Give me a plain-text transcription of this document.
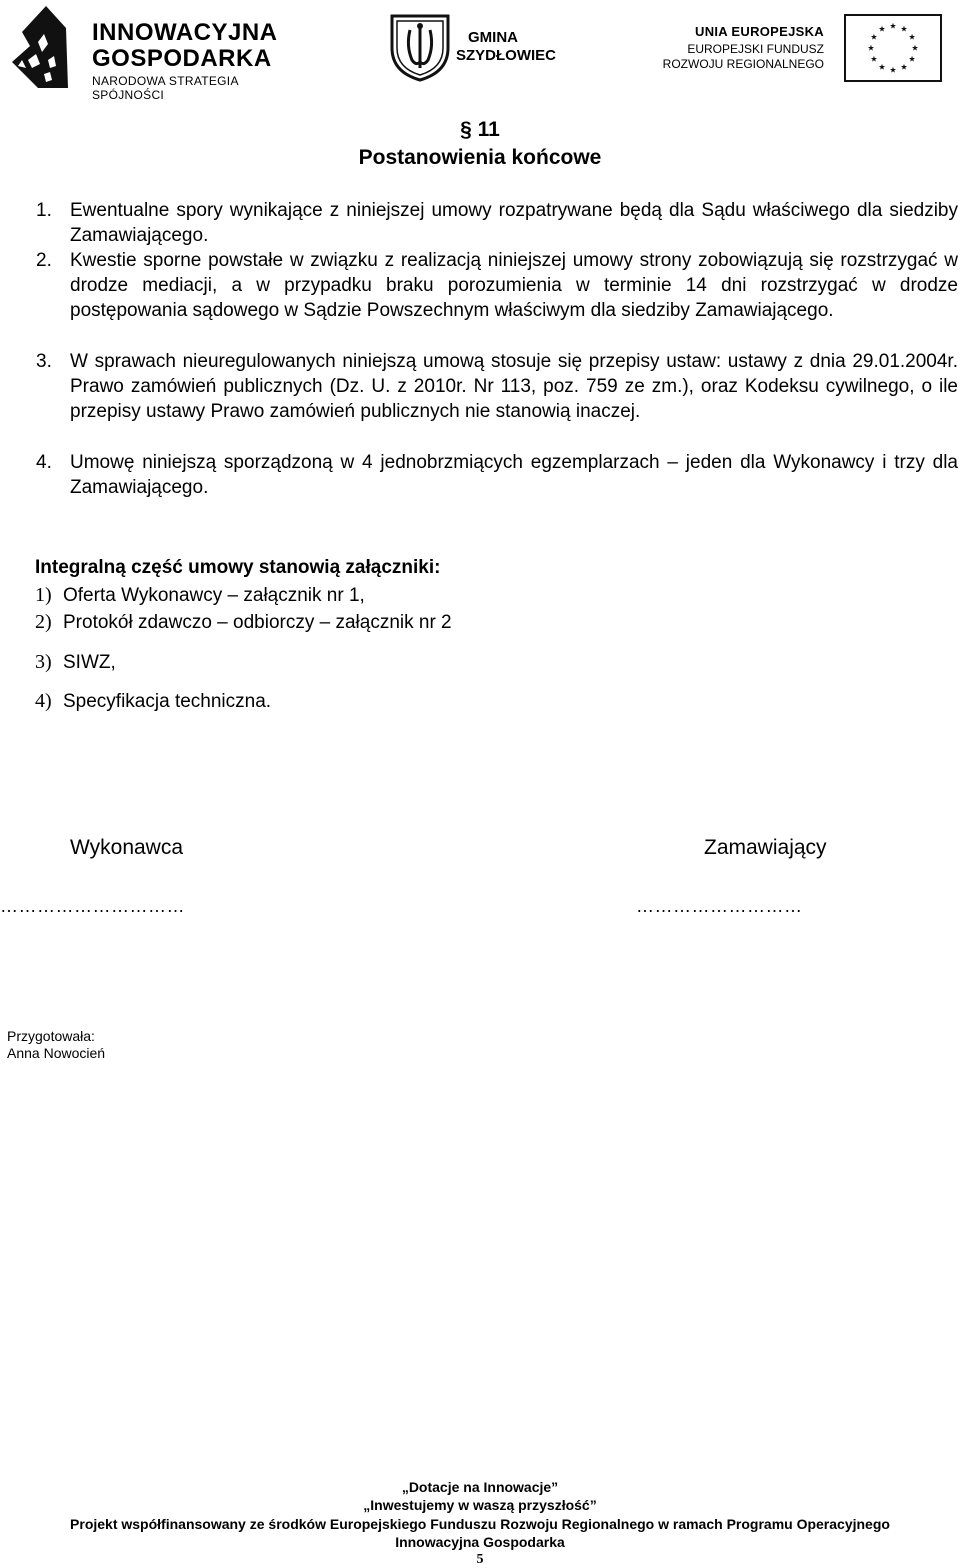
INNOWACYJNA
GOSPODARKA
NARODOWA STRATEGIA SPÓJNOŚCI
GMINA
SZYDŁOWIEC
UNIA EUROPEJSKA
EUROPEJSKI FUNDUSZ
ROZWOJU REGIONALNEGO
§ 11
Postanowienia końcowe
1. Ewentualne spory wynikające z niniejszej umowy rozpatrywane będą dla Sądu właściwego dla siedziby Zamawiającego.
2. Kwestie sporne powstałe w związku z realizacją niniejszej umowy strony zobowiązują się rozstrzygać w drodze mediacji, a w przypadku braku porozumienia w terminie 14 dni rozstrzygać w drodze postępowania sądowego w Sądzie Powszechnym właściwym dla siedziby Zamawiającego.
3. W sprawach nieuregulowanych niniejszą umową stosuje się przepisy ustaw: ustawy z dnia 29.01.2004r. Prawo zamówień publicznych (Dz. U. z 2010r. Nr 113, poz. 759 ze zm.), oraz Kodeksu cywilnego, o ile przepisy ustawy Prawo zamówień publicznych nie stanowią inaczej.
4. Umowę niniejszą sporządzoną w 4 jednobrzmiących egzemplarzach – jeden dla Wykonawcy i trzy dla Zamawiającego.
Integralną część umowy stanowią załączniki:
1) Oferta Wykonawcy – załącznik nr 1,
2) Protokół zdawczo – odbiorczy – załącznik nr 2
3) SIWZ,
4) Specyfikacja techniczna.
Wykonawca	Zamawiający
…………………………	………………………
Przygotowała:
Anna Nowocień
„Dotacje na Innowacje”
„Inwestujemy w waszą przyszłość”
Projekt współfinansowany ze środków Europejskiego Funduszu Rozwoju Regionalnego w ramach Programu Operacyjnego
Innowacyjna Gospodarka
5
